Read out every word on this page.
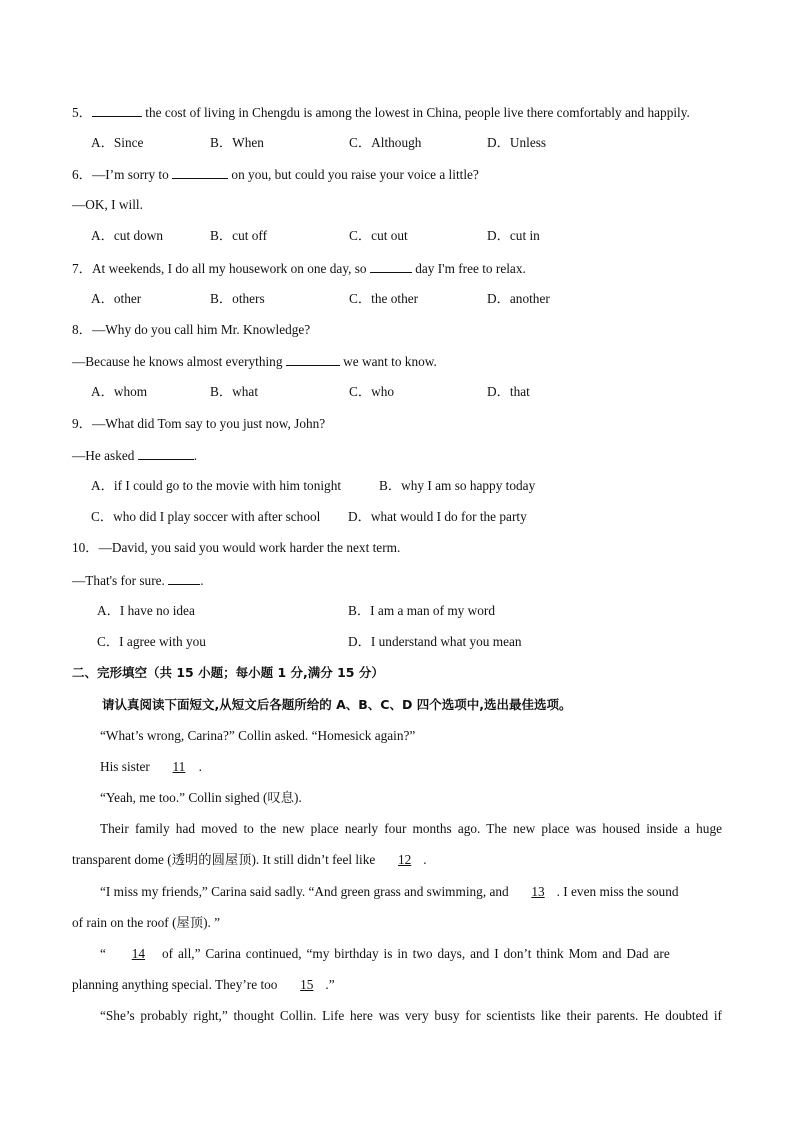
5．	the cost of living in Chengdu is among the lowest in China, people live there comfortably and happily.
A．Since	B．When	C．Although	D．Unless
6．—I’m sorry to	on you, but could you raise your voice a little?
—OK, I will.
A．cut down	B．cut off	C．cut out	D．cut in
7．At weekends, I do all my housework on one day, so	day I'm free to relax.
A．other	B．others	C．the other	D．another
8．—Why do you call him Mr. Knowledge?
—Because he knows almost everything	we want to know.
A．whom	B．what	C．who	D．that
9．—What did Tom say to you just now, John?
—He asked	.
A．if I could go to the movie with him tonight	B．why I am so happy today
C．who did I play soccer with after school D．what would I do for the party
10．—David, you said you would work harder the next term.
—That's for sure. .
A．I have no idea	B．I am a man of my word
C．I agree with you	D．I understand what you mean
二、完形填空（共 15 小题；每小题 1 分,满分 15 分）
请认真阅读下面短文,从短文后各题所给的 A、B、C、D 四个选项中,选出最佳选项。
“What’s wrong, Carina?” Collin asked. “Homesick again?”
His sister  11 .
“Yeah, me too.” Collin sighed (叹息).
Their family had moved to the new place nearly four months ago. The new place was housed inside a huge
transparent dome (透明的圆屋顶). It still didn’t feel like  12 .
“I miss my friends,” Carina said sadly. “And green grass and swimming, and  13 . I even miss the sound
of rain on the roof (屋顶). ”
“  14 of all,” Carina continued, “my birthday is in two days, and I don’t think Mom and Dad are
planning anything special. They’re too  15 .”
“She’s probably right,” thought Collin. Life here was very busy for scientists like their parents. He doubted if
